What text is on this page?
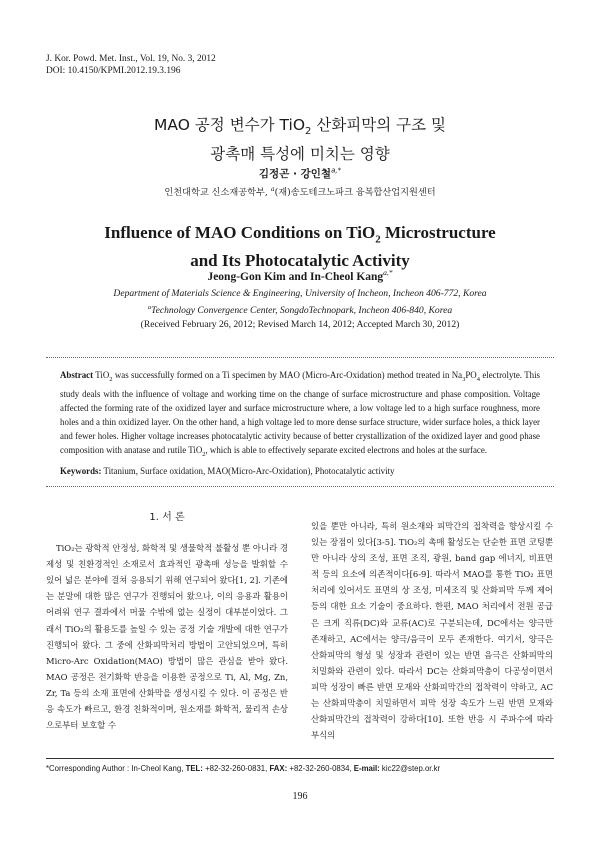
J. Kor. Powd. Met. Inst., Vol. 19, No. 3, 2012
DOI: 10.4150/KPMI.2012.19.3.196
MAO 공정 변수가 TiO$_2$ 산화피막의 구조 및
광촉매 특성에 미치는 영향
김정곤 · 강인철$^{a,*}$
인천대학교 신소재공학부, $^a$(재)송도테크노파크 융복합산업지원센터
Influence of MAO Conditions on TiO$_2$ Microstructure
and Its Photocatalytic Activity
Jeong-Gon Kim and In-Cheol Kang$^{a,*}$
Department of Materials Science & Engineering, University of Incheon, Incheon 406-772, Korea
$^a$Technology Convergence Center, SongdoTechnopark, Incheon 406-840, Korea
(Received February 26, 2012; Revised March 14, 2012; Accepted March 30, 2012)
Abstract TiO$_2$ was successfully formed on a Ti specimen by MAO (Micro-Arc-Oxidation) method treated in $Na_3PO_4$ electrolyte. This study deals with the influence of voltage and working time on the change of surface microstructure and phase composition. Voltage affected the forming rate of the oxidized layer and surface microstructure where, a low voltage led to a high surface roughness, more holes and a thin oxidized layer. On the other hand, a high voltage led to more dense surface structure, wider surface holes, a thick layer and fewer holes. Higher voltage increases photocatalytic activity because of better crystallization of the oxidized layer and good phase composition with anatase and rutile TiO$_2$, which is able to effectively separate excited electrons and holes at the surface.
Keywords: Titanium, Surface oxidation, MAO(Micro-Arc-Oxidation), Photocatalytic activity
1. 서 론

TiO₂는 광학적 안정성, 화학적 및 생물학적 불활성 뿐 아니라 경제성 및 친환경적인 소재로서 효과적인 광촉매 성능을 발휘할 수 있어 넓은 분야에 걸쳐 응용되기 위해 연구되어 왔다[1, 2]. 기존에는 분말에 대한 많은 연구가 진행되어 왔으나, 이의 응용과 활용이 어려워 연구 결과에서 머물 수밖에 없는 실정이 대부분이었다. 그래서 TiO₂의 활용도를 높일 수 있는 공정 기술 개발에 대한 연구가 진행되어 왔다. 그 중에 산화피막처리 방법이 고안되었으며, 특히 Micro-Arc Oxidation(MAO) 방법이 많은 관심을 받아 왔다. MAO 공정은 전기화학 반응을 이용한 공정으로 Ti, Al, Mg, Zn, Zr, Ta 등의 소재 표면에 산화막을 생성시킬 수 있다. 이 공정은 반응 속도가 빠르고, 환경 친화적이며, 원소재를 화학적, 물리적 손상으로부터 보호할 수

있을 뿐만 아니라, 특히 원소재와 피막간의 접착력을 향상시킬 수 있는 장점이 있다[3-5]. TiO₂의 촉매 활성도는 단순한 표면 코팅뿐만 아니라 상의 조성, 표면 조직, 광원, band gap 에너지, 비표면적 등의 요소에 의존적이다[6-9]. 따라서 MAO를 통한 TiO₂ 표면 처리에 있어서도 표면의 상 조성, 미세조직 및 산화피막 두께 제어 등의 대한 요소 기술이 중요하다. 한편, MAO 처리에서 전원 공급은 크게 직류(DC)와 교류(AC)로 구분되는데, DC에서는 양극만 존재하고, AC에서는 양극/음극이 모두 존재한다. 여기서, 양극은 산화피막의 형성 및 성장과 관련이 있는 반면 음극은 산화피막의 치밀화와 관련이 있다. 따라서 DC는 산화피막층이 다공성이면서 피막 성장이 빠른 반면 모재와 산화피막간의 접착력이 약하고, AC는 산화피막층이 치밀하면서 피막 성장 속도가 느린 반면 모재와 산화피막간의 접착력이 강하다[10]. 또한 반응 시 주파수에 따라 부식의

*Corresponding Author : In-Cheol Kang, TEL: +82-32-260-0831, FAX: +82-32-260-0834, E-mail: kic22@step.or.kr
196
